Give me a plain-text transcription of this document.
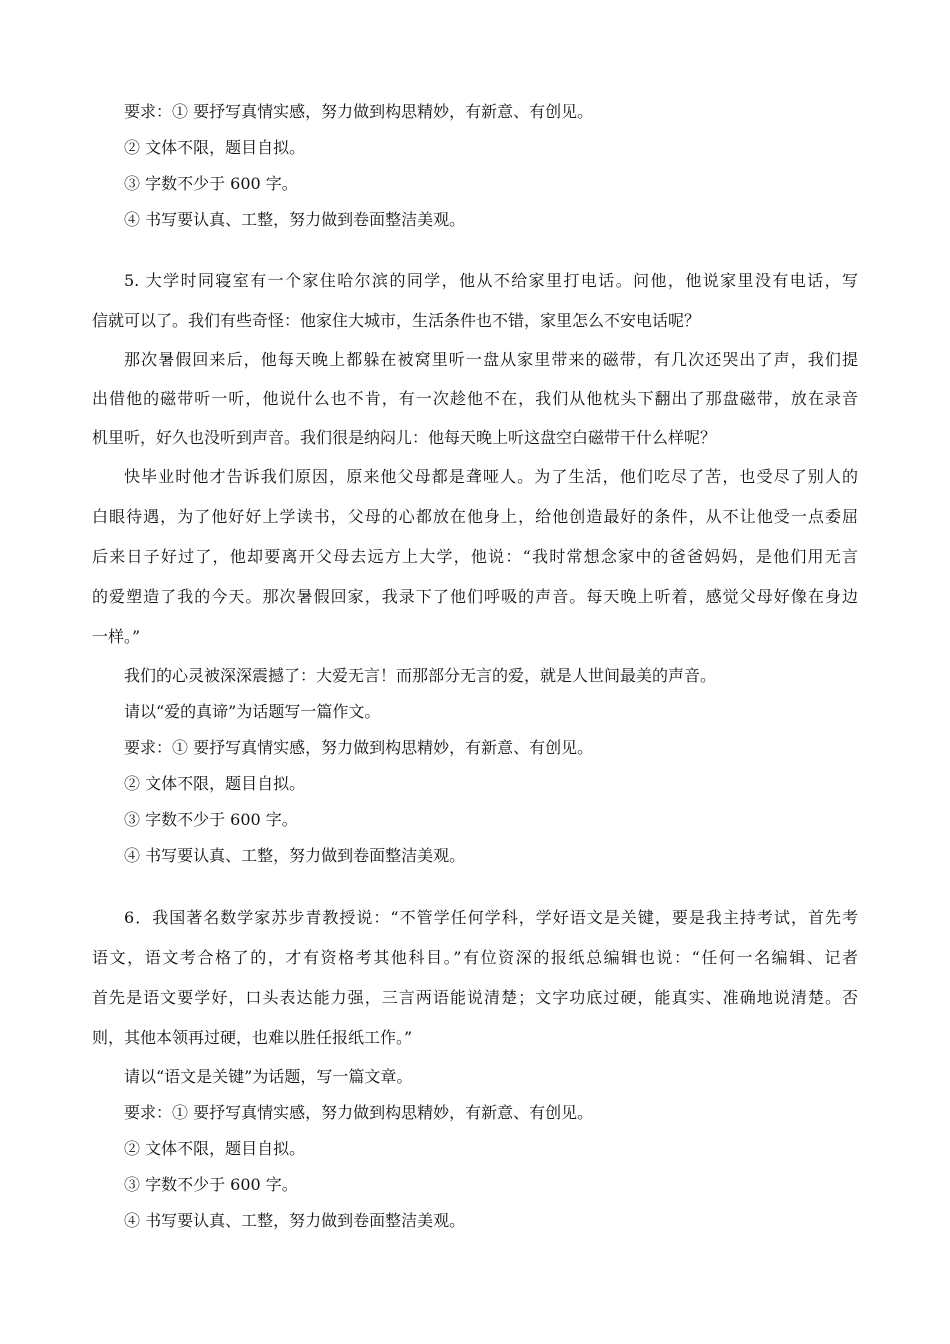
要求：① 要抒写真情实感，努力做到构思精妙，有新意、有创见。
② 文体不限，题目自拟。
③ 字数不少于 600 字。
④ 书写要认真、工整，努力做到卷面整洁美观。
5. 大学时同寝室有一个家住哈尔滨的同学，他从不给家里打电话。问他，他说家里没有电话，写
信就可以了。我们有些奇怪：他家住大城市，生活条件也不错，家里怎么不安电话呢？
那次暑假回来后，他每天晚上都躲在被窝里听一盘从家里带来的磁带，有几次还哭出了声，我们提
出借他的磁带听一听，他说什么也不肯，有一次趁他不在，我们从他枕头下翻出了那盘磁带，放在录音
机里听，好久也没听到声音。我们很是纳闷儿：他每天晚上听这盘空白磁带干什么样呢？
快毕业时他才告诉我们原因，原来他父母都是聋哑人。为了生活，他们吃尽了苦，也受尽了别人的
白眼待遇，为了他好好上学读书，父母的心都放在他身上，给他创造最好的条件，从不让他受一点委屈
后来日子好过了，他却要离开父母去远方上大学，他说：“我时常想念家中的爸爸妈妈，是他们用无言
的爱塑造了我的今天。那次暑假回家，我录下了他们呼吸的声音。每天晚上听着，感觉父母好像在身边
一样。”
我们的心灵被深深震撼了：大爱无言！而那部分无言的爱，就是人世间最美的声音。
请以“爱的真谛”为话题写一篇作文。
要求：① 要抒写真情实感，努力做到构思精妙，有新意、有创见。
② 文体不限，题目自拟。
③ 字数不少于 600 字。
④ 书写要认真、工整，努力做到卷面整洁美观。
6．我国著名数学家苏步青教授说：“不管学任何学科，学好语文是关键，要是我主持考试，首先考
语文，语文考合格了的，才有资格考其他科目。”有位资深的报纸总编辑也说：“任何一名编辑、记者
首先是语文要学好，口头表达能力强，三言两语能说清楚；文字功底过硬，能真实、准确地说清楚。否
则，其他本领再过硬，也难以胜任报纸工作。”
请以“语文是关键”为话题，写一篇文章。
要求：① 要抒写真情实感，努力做到构思精妙，有新意、有创见。
② 文体不限，题目自拟。
③ 字数不少于 600 字。
④ 书写要认真、工整，努力做到卷面整洁美观。
